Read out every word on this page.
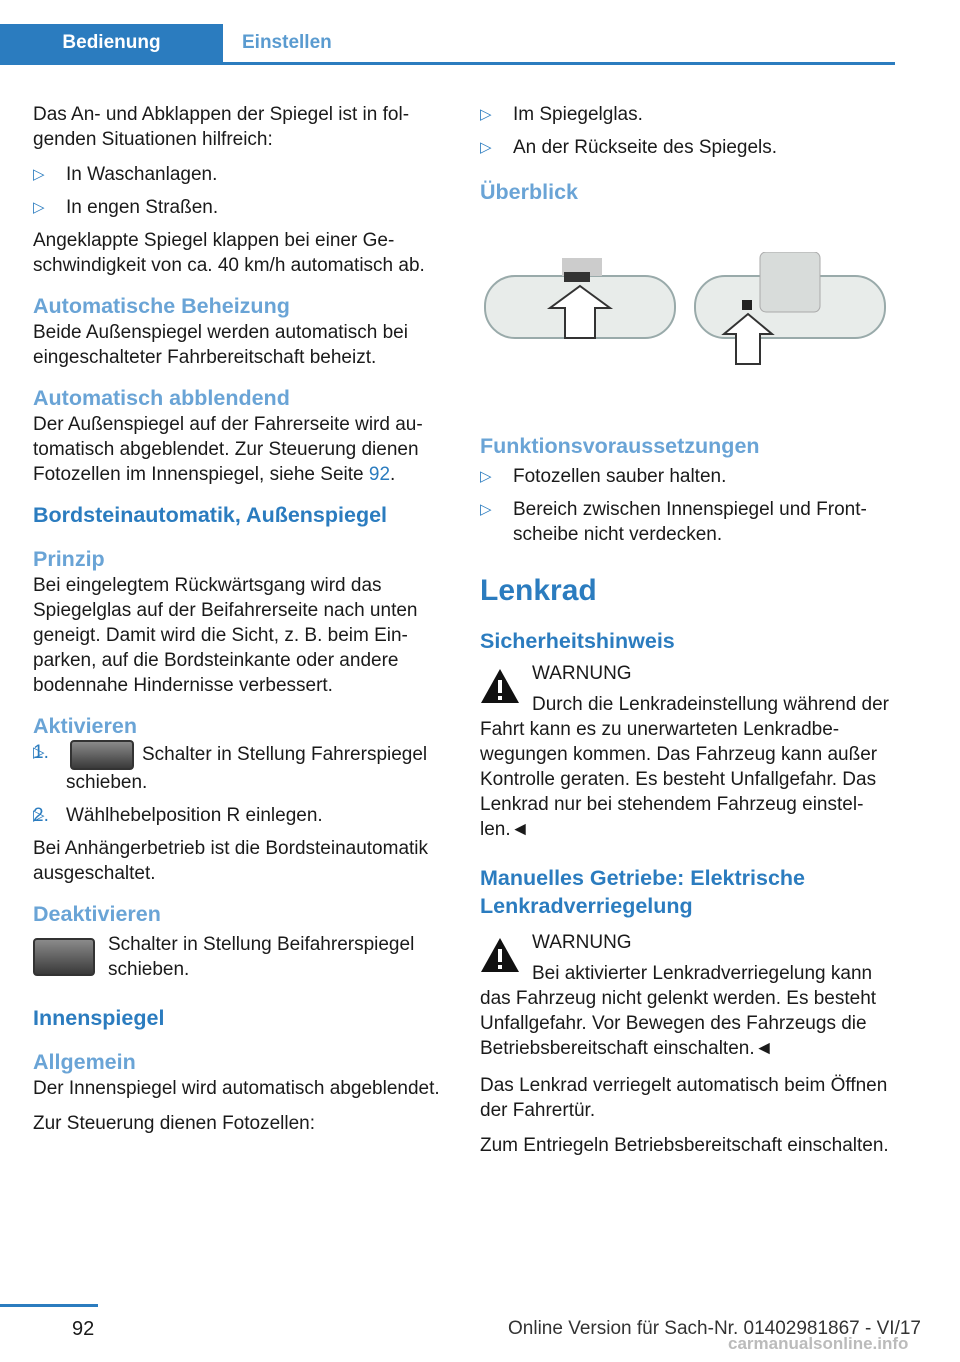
Bedienung	Einstellen

Das An- und Abklappen der Spiegel ist in folgenden Situationen hilfreich:

▷ In Waschanlagen.
▷ In engen Straßen.

Angeklappte Spiegel klappen bei einer Geschwindigkeit von ca. 40 km/h automatisch ab.

Automatische Beheizung

Beide Außenspiegel werden automatisch bei eingeschalteter Fahrbereitschaft beheizt.

Automatisch abblendend

Der Außenspiegel auf der Fahrerseite wird automatisch abgeblendet. Zur Steuerung dienen Fotozellen im Innenspiegel, siehe Seite 92.

Bordsteinautomatik, Außenspiegel
Prinzip

Bei eingelegtem Rückwärtsgang wird das Spiegelglas auf der Beifahrerseite nach unten geneigt. Damit wird die Sicht, z. B. beim Einparken, auf die Bordsteinkante oder andere bodennahe Hindernisse verbessert.

Aktivieren
▷ 1.	Schalter in Stellung Fahrerspiegel schieben.
▷ 2. Wählhebelposition R einlegen.

Bei Anhängerbetrieb ist die Bordsteinautomatik ausgeschaltet.

Deaktivieren
Schalter in Stellung Beifahrerspiegel schieben.
Innenspiegel
Allgemein

Der Innenspiegel wird automatisch abgeblendet.

Zur Steuerung dienen Fotozellen:

▷ Im Spiegelglas.
▷ An der Rückseite des Spiegels.
Überblick
Funktionsvoraussetzungen
▷ Fotozellen sauber halten.
▷ Bereich zwischen Innenspiegel und Frontscheibe nicht verdecken.
Lenkrad
Sicherheitshinweis
WARNUNG
Durch die Lenkradeinstellung während der Fahrt kann es zu unerwarteten Lenkradbewegungen kommen. Das Fahrzeug kann außer Kontrolle geraten. Es besteht Unfallgefahr. Das Lenkrad nur bei stehendem Fahrzeug einstellen.◄
Manuelles Getriebe: Elektrische Lenkradverriegelung
WARNUNG
Bei aktivierter Lenkradverriegelung kann das Fahrzeug nicht gelenkt werden. Es besteht Unfallgefahr. Vor Bewegen des Fahrzeugs die Betriebsbereitschaft einschalten.◄

Das Lenkrad verriegelt automatisch beim Öffnen der Fahrertür.

Zum Entriegeln Betriebsbereitschaft einschalten.

92	Online Version für Sach-Nr. 01402981867 - VI/17
carmanualsonline.info
